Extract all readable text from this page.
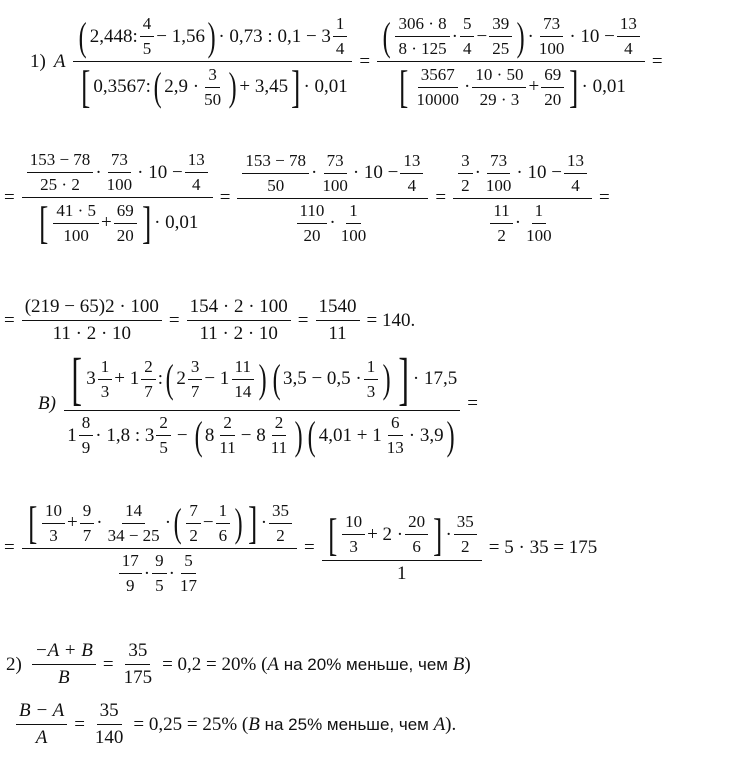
1) A
( 2,448:
4
5
− 1,56 ) · 0,73 : 0,1 − 3
1
4
[ 0,3567: ( 2,9 ·
3
50 ) + 3,45 ] · 0,01
=
( 306 · 8
8 · 125
·
5
4
− $\frac{39}{25}$ ) ·
73
100
· $10 - \frac{13}{4}$
[ 3567
10000
·
10 · 50
29 · 3
+ $\frac{69}{20}$ ] · 0,01
=
=
153 − 78
25 · 2
·
73
100
· $10 - \frac{13}{4}$
[ 41 · 5
100
+ $\frac{69}{20}$ ] · 0,01
=
153 − 78
50
·
73
100
· $10 - \frac{13}{4}$
110
20
·
1
100
= 3
2
·
73
100
· $10 - \frac{13}{4}$
11
2
·
1
100 =
= $\frac{(219 - 65)2 \cdot 100}{11 \cdot 2 \cdot 10} = \frac{154 \cdot 2 \cdot 100}{11 \cdot 2 \cdot 10} = \frac{1540}{11} = 140$.
B) [ 3
1
3
+ 1
2
7
: ( 2
3
7
− 1
11
14 ) ( 3,5 − 0,5 ·
1
3 ) ] · 17,5
1
8
9
· 1,8 : 3
2
5
− ( 8
2
11
− 8
2
11 ) ( 4,01 + 1
6
13
· 3,9 )
=
= [ 10
3
+ $\frac{9}{7}$ ·
14
34 − 25
· ( 7
2
− $\frac{1}{6}$ ) ] ·
35
2
17
9
·
9
5
·
5
17
= [ 10
3
+ 2 ·
20
6 ] ·
35
2
1
= 5 · 35 = 175
$2) \frac{-A + B}{B} = \frac{35}{175} = 0,2 = 20\%$ ( A на 20% меньше, чем B )
$\frac{B - A}{A} = \frac{35}{140} = 0,25 = 25\%$ ( B на 25% меньше, чем A ).
